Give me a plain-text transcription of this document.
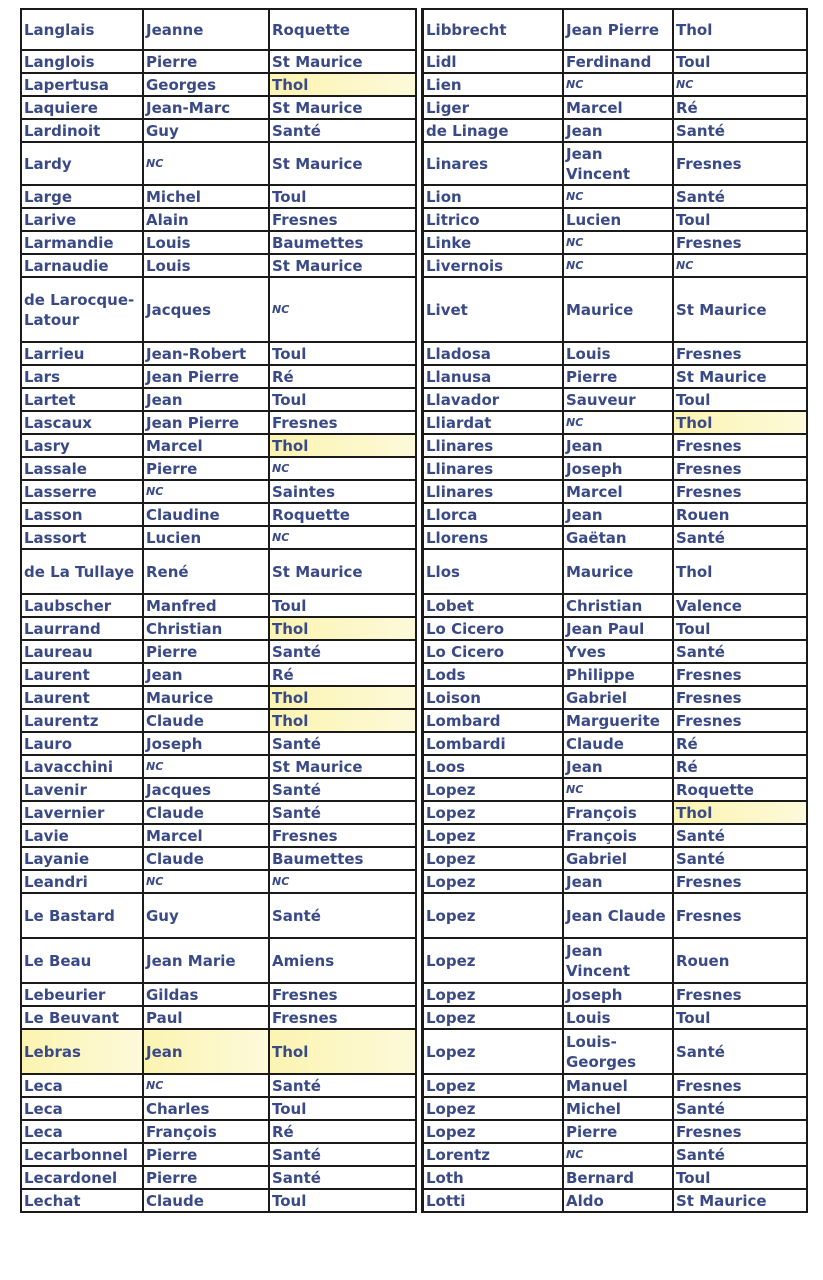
Langlais	Jeanne	Roquette
Langlois	Pierre	St Maurice
Lapertusa	Georges	Thol
Laquiere	Jean-Marc	St Maurice
Lardinoit	Guy	Santé
Lardy	NC	St Maurice
Large	Michel	Toul
Larive	Alain	Fresnes
Larmandie	Louis	Baumettes
Larnaudie	Louis	St Maurice
de Larocque-Latour	Jacques	NC
Larrieu	Jean-Robert	Toul
Lars	Jean Pierre	Ré
Lartet	Jean	Toul
Lascaux	Jean Pierre	Fresnes
Lasry	Marcel	Thol
Lassale	Pierre	NC
Lasserre	NC	Saintes
Lasson	Claudine	Roquette
Lassort	Lucien	NC
de La Tullaye	René	St Maurice
Laubscher	Manfred	Toul
Laurrand	Christian	Thol
Laureau	Pierre	Santé
Laurent	Jean	Ré
Laurent	Maurice	Thol
Laurentz	Claude	Thol
Lauro	Joseph	Santé
Lavacchini	NC	St Maurice
Lavenir	Jacques	Santé
Lavernier	Claude	Santé
Lavie	Marcel	Fresnes
Layanie	Claude	Baumettes
Leandri	NC	NC
Le Bastard	Guy	Santé
Le Beau	Jean Marie	Amiens
Lebeurier	Gildas	Fresnes
Le Beuvant	Paul	Fresnes
Lebras	Jean	Thol
Leca	NC	Santé
Leca	Charles	Toul
Leca	François	Ré
Lecarbonnel	Pierre	Santé
Lecardonel	Pierre	Santé
Lechat	Claude	Toul
Libbrecht	Jean Pierre	Thol
Lidl	Ferdinand	Toul
Lien	NC	NC
Liger	Marcel	Ré
de Linage	Jean	Santé
Linares	Jean Vincent	Fresnes
Lion	NC	Santé
Litrico	Lucien	Toul
Linke	NC	Fresnes
Livernois	NC	NC
Livet	Maurice	St Maurice
Lladosa	Louis	Fresnes
Llanusa	Pierre	St Maurice
Llavador	Sauveur	Toul
Lliardat	NC	Thol
Llinares	Jean	Fresnes
Llinares	Joseph	Fresnes
Llinares	Marcel	Fresnes
Llorca	Jean	Rouen
Llorens	Gaëtan	Santé
Llos	Maurice	Thol
Lobet	Christian	Valence
Lo Cicero	Jean Paul	Toul
Lo Cicero	Yves	Santé
Lods	Philippe	Fresnes
Loison	Gabriel	Fresnes
Lombard	Marguerite	Fresnes
Lombardi	Claude	Ré
Loos	Jean	Ré
Lopez	NC	Roquette
Lopez	François	Thol
Lopez	François	Santé
Lopez	Gabriel	Santé
Lopez	Jean	Fresnes
Lopez	Jean Claude	Fresnes
Lopez	Jean Vincent	Rouen
Lopez	Joseph	Fresnes
Lopez	Louis	Toul
Lopez	Louis-Georges	Santé
Lopez	Manuel	Fresnes
Lopez	Michel	Santé
Lopez	Pierre	Fresnes
Lorentz	NC	Santé
Loth	Bernard	Toul
Lotti	Aldo	St Maurice
